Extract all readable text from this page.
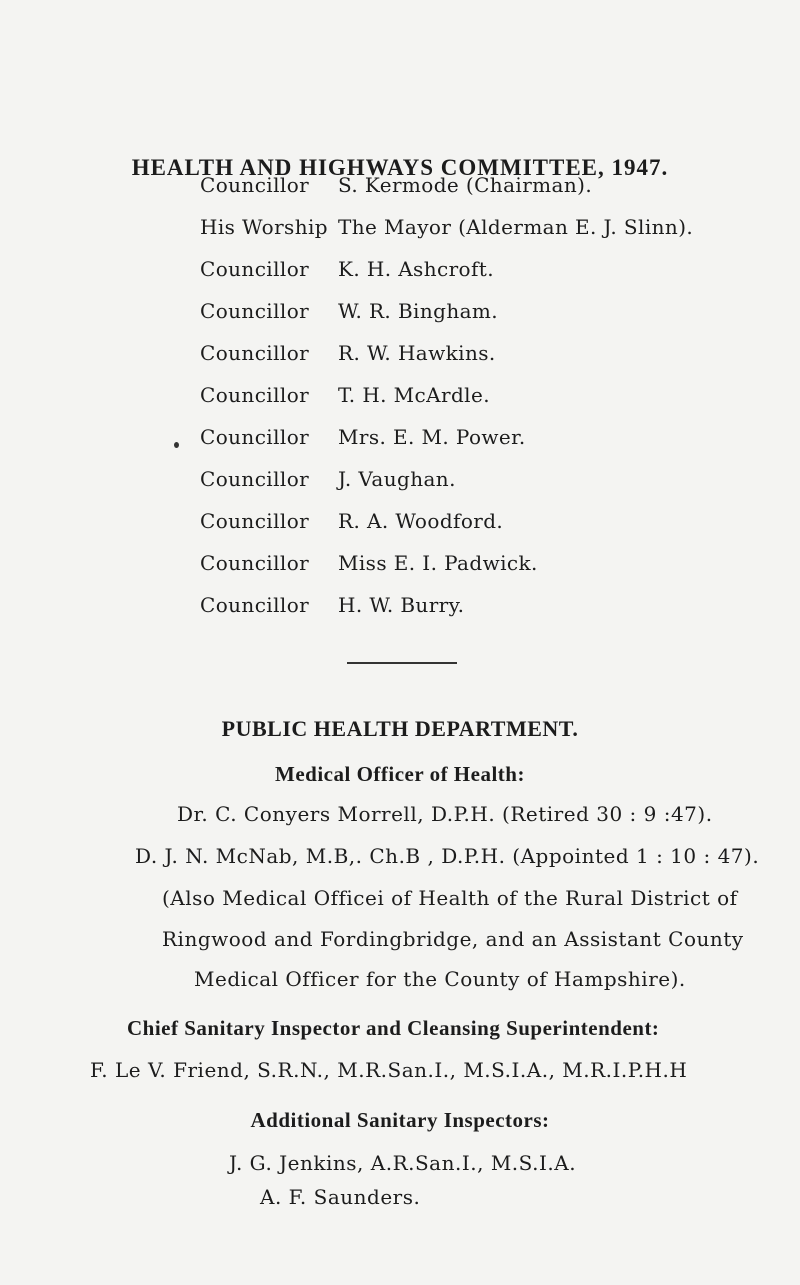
HEALTH AND HIGHWAYS COMMITTEE, 1947.
Councillor S. Kermode (Chairman).
His Worship The Mayor (Alderman E. J. Slinn).
Councillor K. H. Ashcroft.
Councillor W. R. Bingham.
Councillor R. W. Hawkins.
Councillor T. H. McArdle.
Councillor Mrs. E. M. Power.
Councillor J. Vaughan.
Councillor R. A. Woodford.
Councillor Miss E. I. Padwick.
Councillor H. W. Burry.
PUBLIC HEALTH DEPARTMENT.
Medical Officer of Health:
Dr. C. Conyers Morrell, D.P.H. (Retired 30 : 9 :47).
D. J. N. McNab, M.B,. Ch.B , D.P.H. (Appointed 1 : 10 : 47).
(Also Medical Officei of Health of the Rural District of
Ringwood and Fordingbridge, and an Assistant County
Medical Officer for the County of Hampshire).
Chief Sanitary Inspector and Cleansing Superintendent:
F. Le V. Friend, S.R.N., M.R.San.I., M.S.I.A., M.R.I.P.H.H
Additional Sanitary Inspectors:
J. G. Jenkins, A.R.San.I., M.S.I.A.
A. F. Saunders.
